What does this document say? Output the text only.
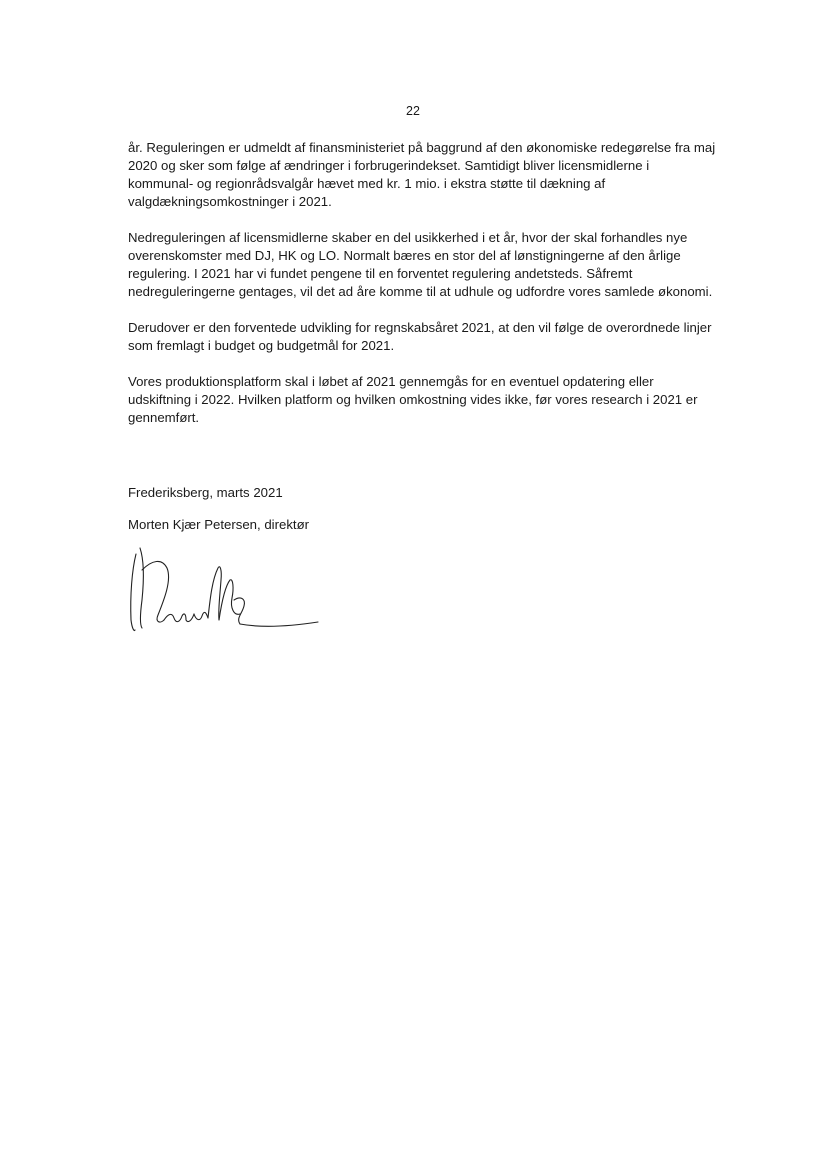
22

år. Reguleringen er udmeldt af finansministeriet på baggrund af den økonomiske redegørelse fra maj 2020 og sker som følge af ændringer i forbrugerindekset. Samtidigt bliver licensmidlerne i kommunal- og regionrådsvalgår hævet med kr. 1 mio. i ekstra støtte til dækning af valgdækningsomkostninger i 2021.

Nedreguleringen af licensmidlerne skaber en del usikkerhed i et år, hvor der skal forhandles nye overenskomster med DJ, HK og LO. Normalt bæres en stor del af lønstigningerne af den årlige regulering. I 2021 har vi fundet pengene til en forventet regulering andetsteds. Såfremt nedreguleringerne gentages, vil det ad åre komme til at udhule og udfordre vores samlede økonomi.

Derudover er den forventede udvikling for regnskabsåret 2021, at den vil følge de overordnede linjer som fremlagt i budget og budgetmål for 2021.

Vores produktionsplatform skal i løbet af 2021 gennemgås for en eventuel opdatering eller udskiftning i 2022. Hvilken platform og hvilken omkostning vides ikke, før vores research i 2021 er gennemført.

Frederiksberg, marts 2021
Morten Kjær Petersen, direktør
